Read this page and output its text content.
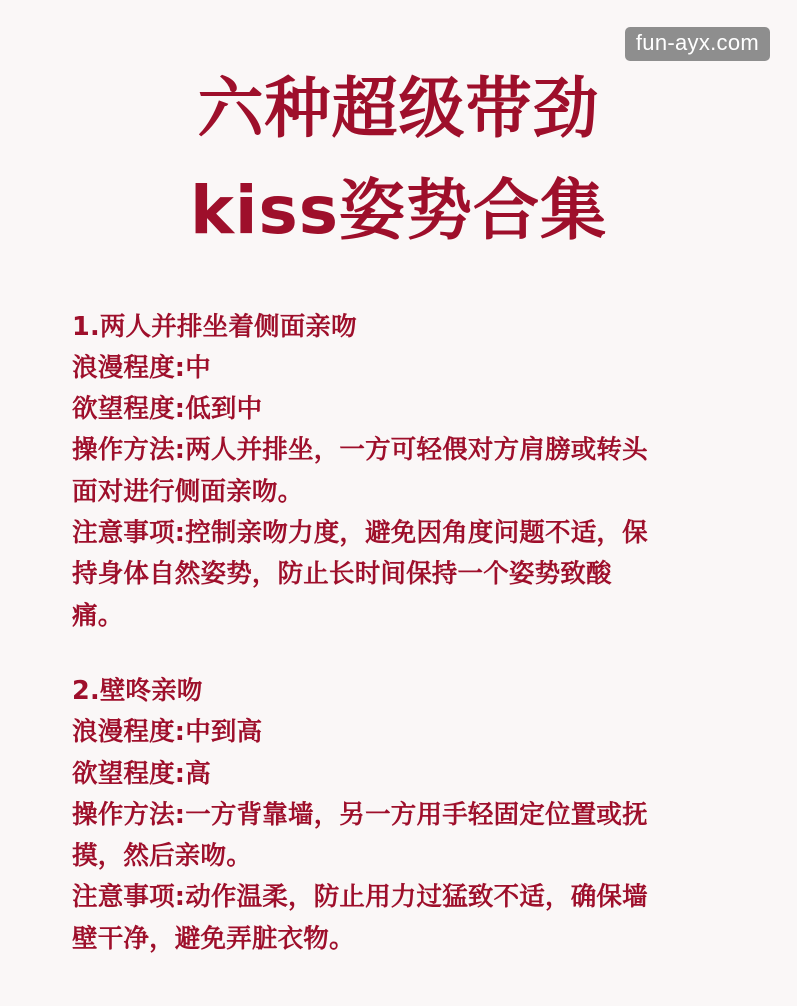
fun-ayx.com
六种超级带劲
kiss姿势合集

1.两人并排坐着侧面亲吻

浪漫程度:中

欲望程度:低到中

操作方法:两人并排坐，一方可轻偎对方肩膀或转头

面对进行侧面亲吻。

注意事项:控制亲吻力度，避免因角度问题不适，保

持身体自然姿势，防止长时间保持一个姿势致酸

痛。

2.壁咚亲吻

浪漫程度:中到高

欲望程度:高

操作方法:一方背靠墙，另一方用手轻固定位置或抚

摸，然后亲吻。

注意事项:动作温柔，防止用力过猛致不适，确保墙

壁干净，避免弄脏衣物。
